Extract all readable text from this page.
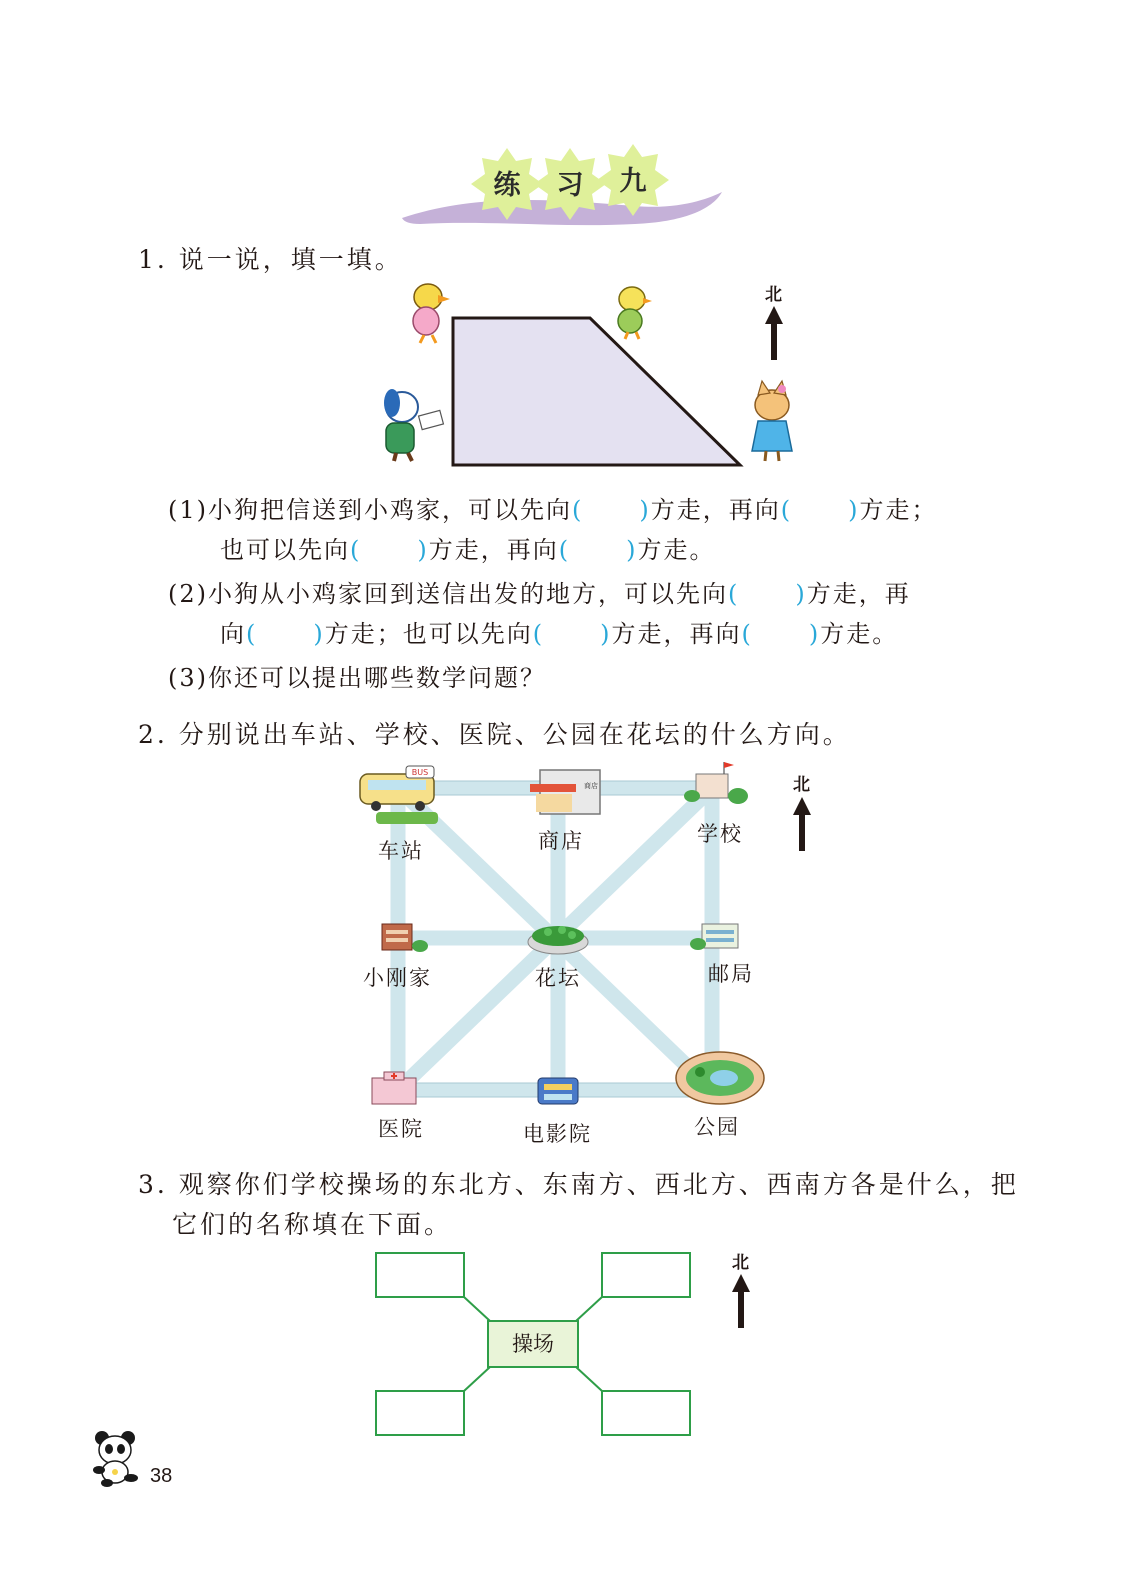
练 习 九
1. 说一说，填一填。
北
(1)小狗把信送到小鸡家，可以先向( )方走，再向( )方走；
也可以先向( )方走，再向( )方走。
(2)小狗从小鸡家回到送信出发的地方，可以先向( )方走，再
向( )方走；也可以先向( )方走，再向( )方走。
(3)你还可以提出哪些数学问题？
2. 分别说出车站、学校、医院、公园在花坛的什么方向。
BUS
商店
车站	商店	学校
小刚家	花坛	邮局
医院	电影院	公园
北
3. 观察你们学校操场的东北方、东南方、西北方、西南方各是什么，把
它们的名称填在下面。
操场
北
38
